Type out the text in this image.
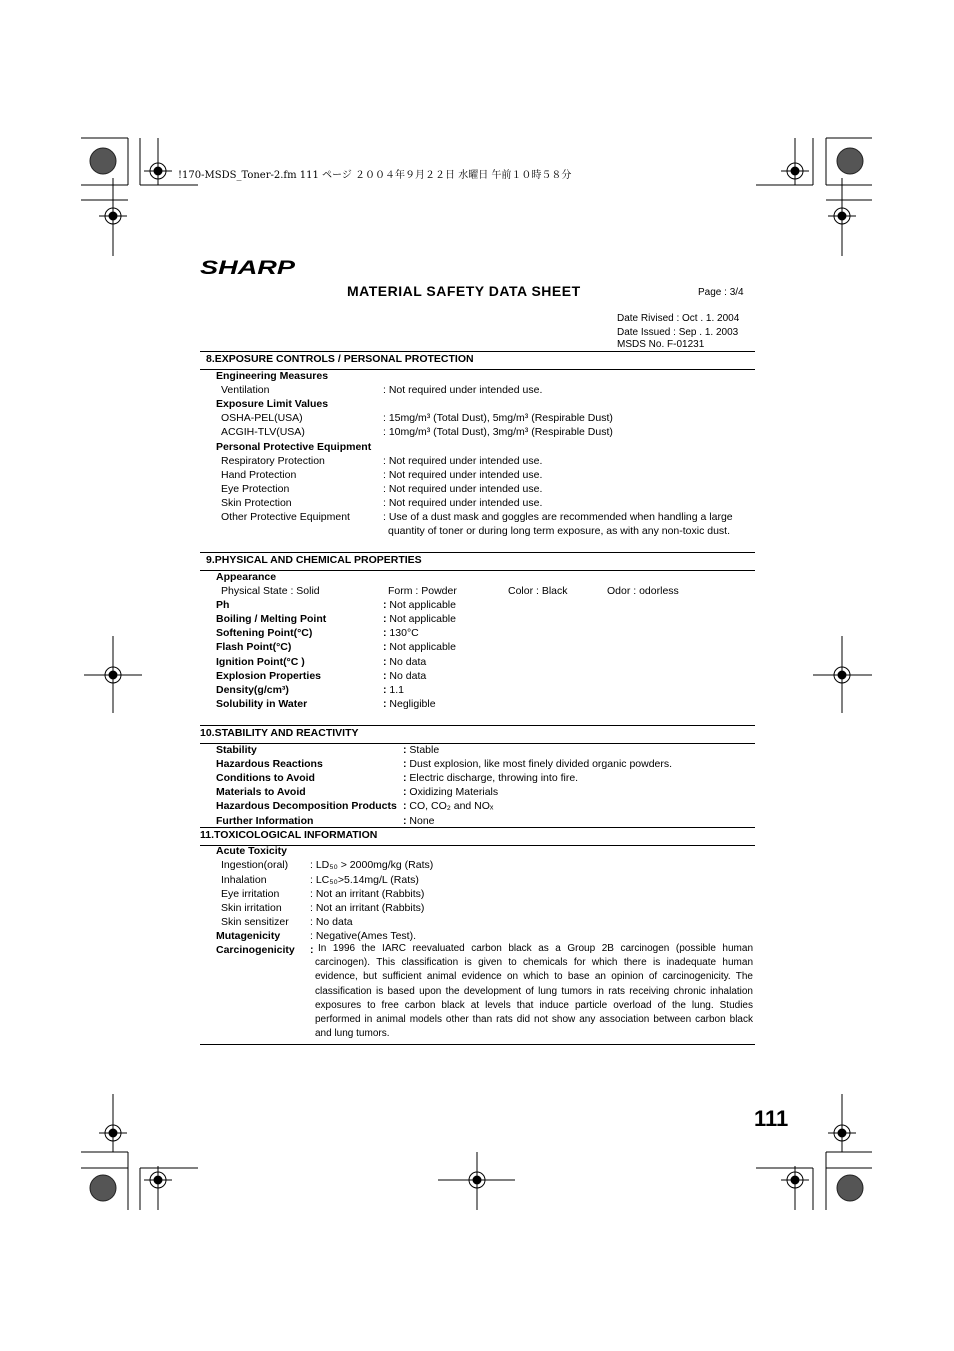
!170-MSDS_Toner-2.fm 111 ページ ２００４年９月２２日 水曜日 午前１０時５８分
SHARP
MATERIAL SAFETY DATA SHEET	Page : 3/4
Date Rivised : Oct . 1. 2004
Date Issued : Sep . 1. 2003
MSDS No. F-01231
8.EXPOSURE CONTROLS / PERSONAL PROTECTION
Engineering Measures
Ventilation	: Not required under intended use.
Exposure Limit Values
OSHA-PEL(USA)	: 15mg/m³ (Total Dust), 5mg/m³ (Respirable Dust)
ACGIH-TLV(USA)	: 10mg/m³ (Total Dust), 3mg/m³ (Respirable Dust)
Personal Protective Equipment
Respiratory Protection	: Not required under intended use.
Hand Protection	: Not required under intended use.
Eye Protection	: Not required under intended use.
Skin Protection	: Not required under intended use.
Other Protective Equipment	: Use of a dust mask and goggles are recommended when handling a large
quantity of toner or during long term exposure, as with any non-toxic dust.
9.PHYSICAL AND CHEMICAL PROPERTIES
Appearance
Physical State : Solid	Form : Powder	Color : Black	Odor : odorless
Ph	: Not applicable
Boiling / Melting Point	: Not applicable
Softening Point(°C)	: 130°C
Flash Point(°C)	: Not applicable
Ignition Point(°C )	: No data
Explosion Properties	: No data
Density(g/cm³)	: 1.1
Solubility in Water	: Negligible
10.STABILITY AND REACTIVITY
Stability	: Stable
Hazardous Reactions	: Dust explosion, like most finely divided organic powders.
Conditions to Avoid	: Electric discharge, throwing into fire.
Materials to Avoid	: Oxidizing Materials
Hazardous Decomposition Products : CO, CO₂ and NOₓ
Further Information	: None
11.TOXICOLOGICAL INFORMATION
Acute Toxicity
Ingestion(oral) : LD₅₀ > 2000mg/kg (Rats)
Inhalation	: LC₅₀>5.14mg/L (Rats)
Eye irritation	: Not an irritant (Rabbits)
Skin irritation	: Not an irritant (Rabbits)
Skin sensitizer : No data
Mutagenicity	: Negative(Ames Test).
Carcinogenicity : In 1996 the IARC reevaluated carbon black as a Group 2B carcinogen (possible human carcinogen). This classification is given to chemicals for which there is inadequate human evidence, but sufficient animal evidence on which to base an opinion of carcinogenicity. The classification is based upon the development of lung tumors in rats receiving chronic inhalation exposures to free carbon black at levels that induce particle overload of the lung. Studies performed in animal models other than rats did not show any association between carbon black and lung tumors.
111
